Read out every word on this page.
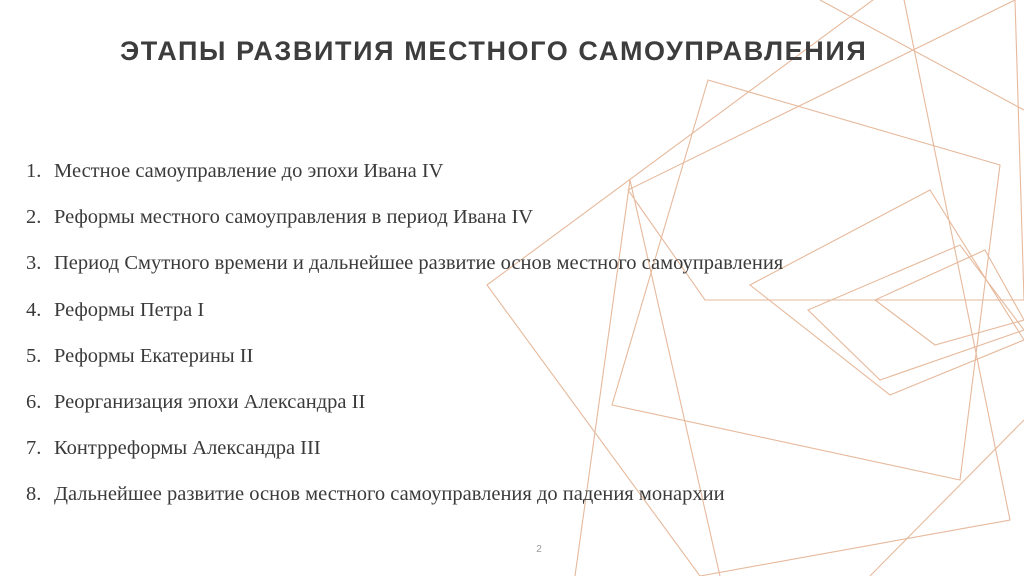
ЭТАПЫ РАЗВИТИЯ МЕСТНОГО САМОУПРАВЛЕНИЯ
1. Местное самоуправление до эпохи Ивана IV
2. Реформы местного самоуправления в период Ивана IV
3. Период Смутного времени и дальнейшее развитие основ местного самоуправления
4. Реформы Петра I
5. Реформы Екатерины II
6. Реорганизация эпохи Александра II
7. Контрреформы Александра III
8. Дальнейшее развитие основ местного самоуправления до падения монархии
2
